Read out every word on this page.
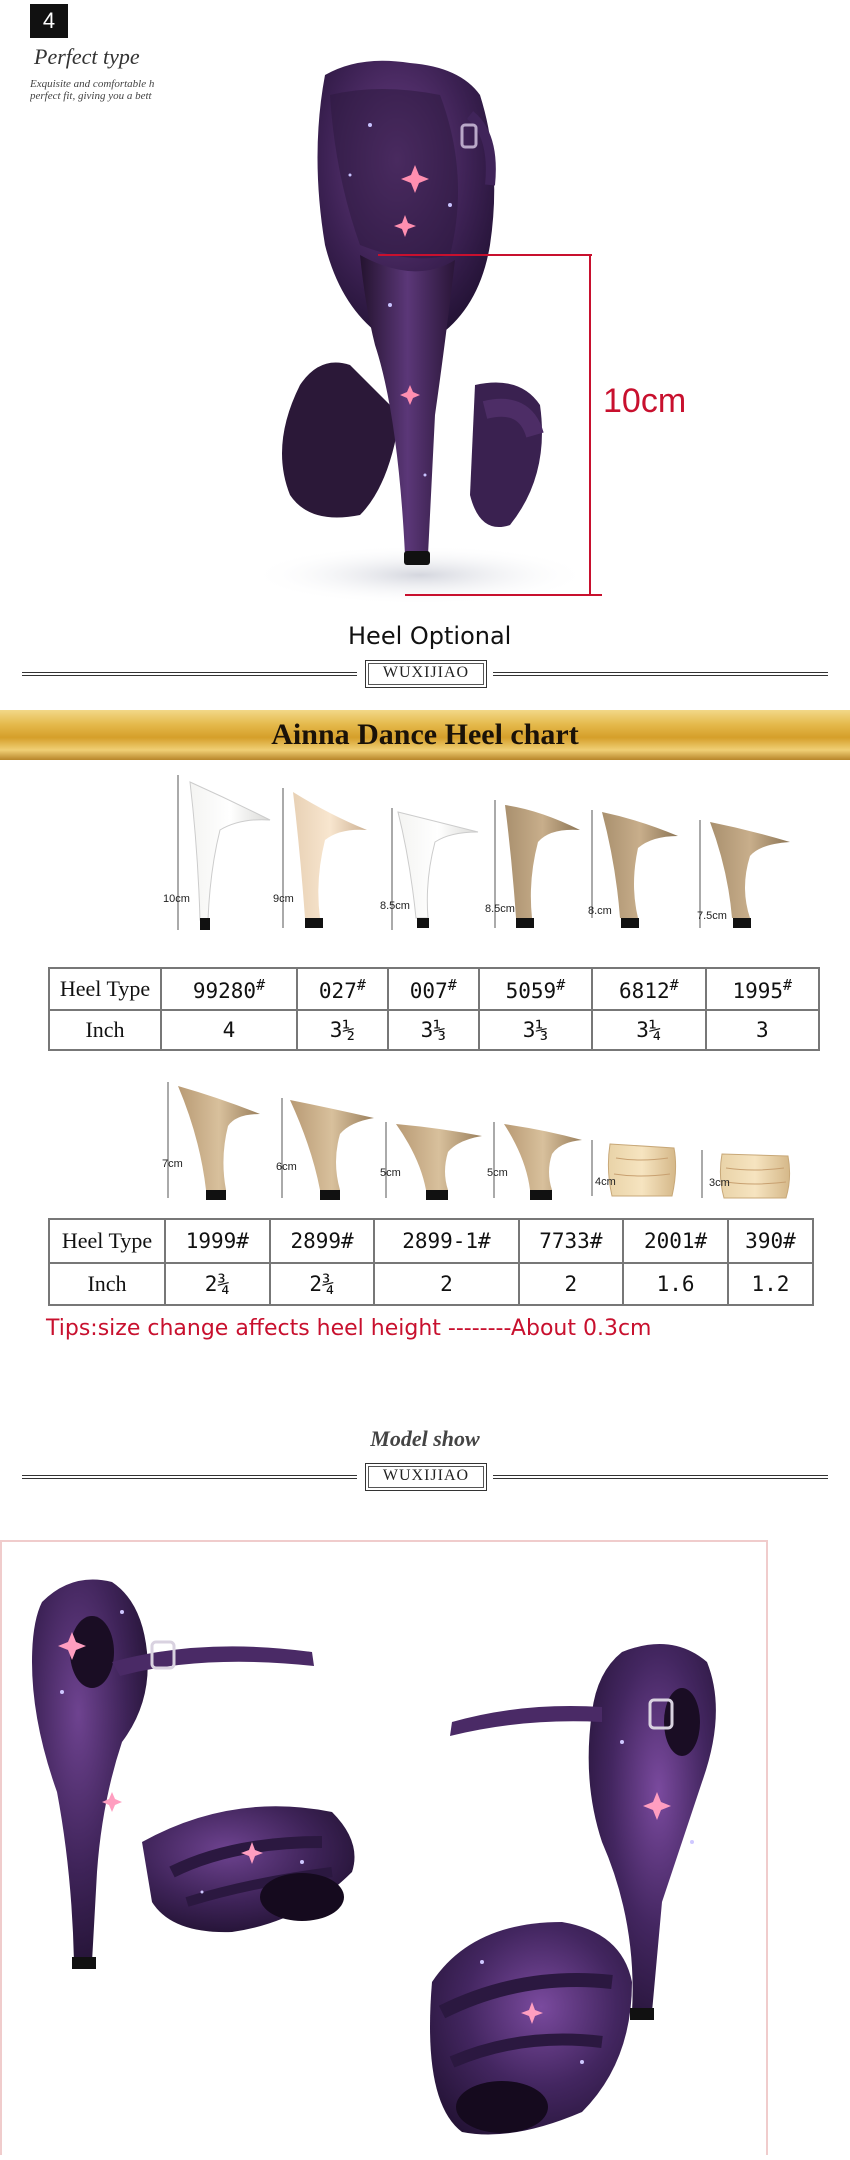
4
Perfect type
Exquisite and comfortable h
perfect fit, giving you a bett
10cm
Heel Optional
WUXIJIAO
Ainna Dance Heel chart
10cm	9cm
8.5cm	8.5cm	8.cm	7.5cm
Heel Type	99280#	027#	007#	5059#	6812#	1995#
Inch	4	3½	3⅓	3⅓	3¼	3
7cm	6cm	5cm	5cm
4cm	3cm
Heel Type	1999#	2899#	2899-1#	7733#	2001#	390#
Inch	2¾	2¾	2	2	1.6	1.2
Tips:size change affects heel height --------About 0.3cm
Model show
WUXIJIAO
